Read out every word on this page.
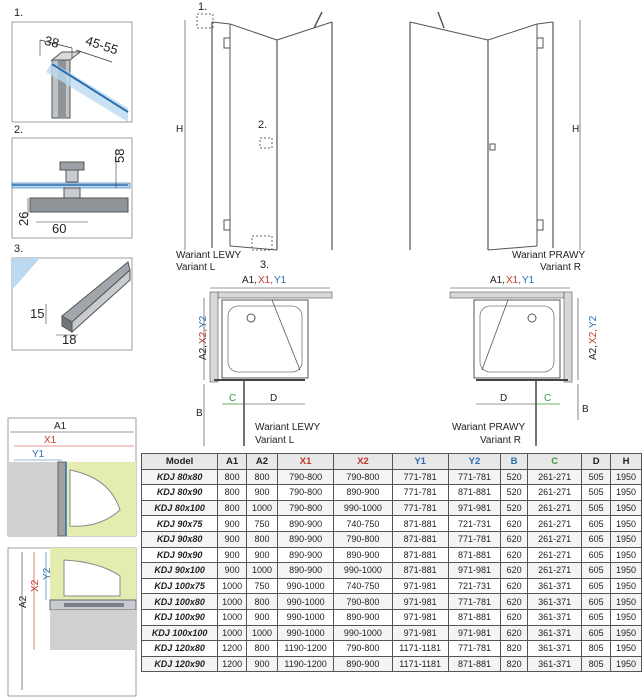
1.
38 45-55
2.
58
60
26
3.
15
18
1.
H	2.
3.
Wariant LEWY
Variant L
H
Wariant PRAWY
Variant R
A1, X1, Y1
A2,
X2,
Y2
B
C	D
Wariant LEWY
Variant L
A1, X1, Y1
A2,
X2,
Y2
B
D	C
Wariant PRAWY
Variant R
A1
X1
Y1
A2
X2
Y2
Model	A1	A2	X1	X2	Y1	Y2	B	C	D	H
KDJ 80x80	800	800	790-800	790-800	771-781	771-781	520	261-271	505	1950
KDJ 80x90	800	900	790-800	890-900	771-781	871-881	520	261-271	505	1950
KDJ 80x100	800	1000	790-800	990-1000	771-781	971-981	520	261-271	505	1950
KDJ 90x75	900	750	890-900	740-750	871-881	721-731	620	261-271	605	1950
KDJ 90x80	900	800	890-900	790-800	871-881	771-781	620	261-271	605	1950
KDJ 90x90	900	900	890-900	890-900	871-881	871-881	620	261-271	605	1950
KDJ 90x100	900	1000	890-900	990-1000	871-881	971-981	620	261-271	605	1950
KDJ 100x75	1000	750	990-1000	740-750	971-981	721-731	620	361-371	605	1950
KDJ 100x80	1000	800	990-1000	790-800	971-981	771-781	620	361-371	605	1950
KDJ 100x90	1000	900	990-1000	890-900	971-981	871-881	620	361-371	605	1950
KDJ 100x100	1000	1000	990-1000	990-1000	971-981	971-981	620	361-371	605	1950
KDJ 120x80	1200	800	1190-1200	790-800	1171-1181	771-781	820	361-371	805	1950
KDJ 120x90	1200	900	1190-1200	890-900	1171-1181	871-881	820	361-371	805	1950
